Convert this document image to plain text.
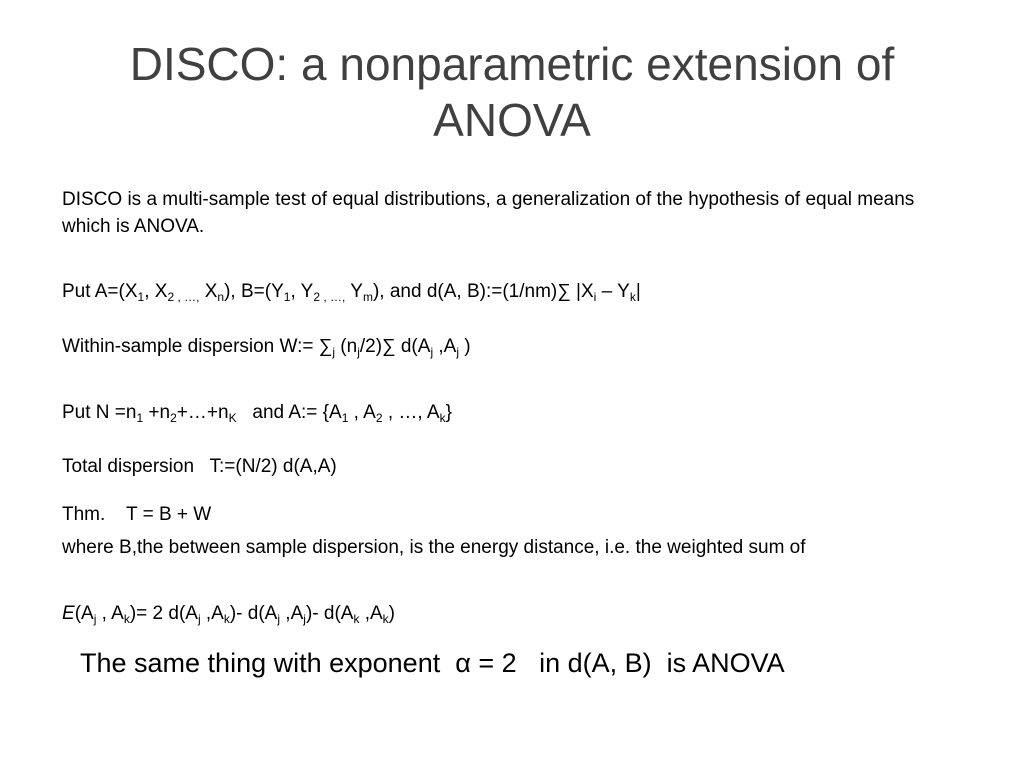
DISCO: a nonparametric extension of
ANOVA
DISCO is a multi-sample test of equal distributions, a generalization of the hypothesis of equal means which is ANOVA.
Put $A=(X_1$, $X_{2 , \dots,}$ $X_n$), $B=(Y_1$, $Y_{2 , \dots,}$ $Y_m$), and d(A, B):=(1/nm)∑ $|X_i - Y_k|$
Within-sample dispersion W:= $\sum_j$ $(n_j/2)\sum$ $d(A_j$ $,A_j$ )
Put $N =n_1$ $+n_2+\dots+n_K$   and A:= {$A_1$ , $A_2$ , …, $A_k$}
Total dispersion   T:=(N/2) d(A,A)
Thm.    T = B + W
where B,the between sample dispersion, is the energy distance, i.e. the weighted sum of
$E(A_j$ , $A_k)= 2$ $d(A_j$ $,A_k)-$ $d(A_j$ $,A_j)-$ $d(A_k$ $,A_k$)
The same thing with exponent  α = 2   in d(A, B)  is ANOVA
